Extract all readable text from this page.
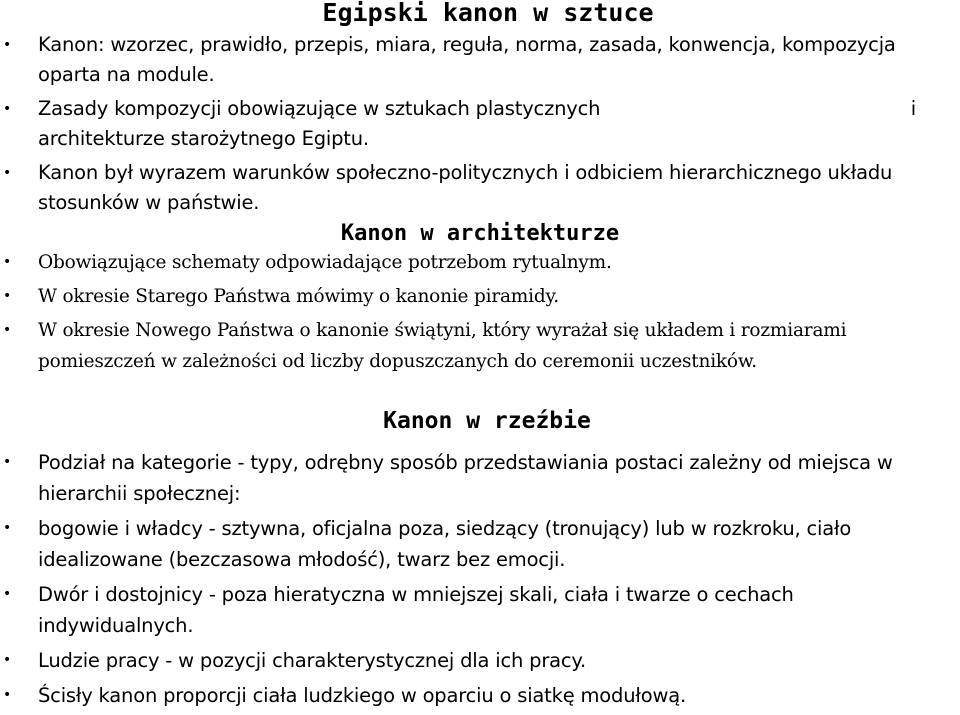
Egipski kanon w sztuce
• Kanon: wzorzec, prawidło, przepis, miara, reguła, norma, zasada, konwencja, kompozycja oparta na module.
• Zasady kompozycji obowiązujące w sztukach plastycznych	i
architekturze starożytnego Egiptu.
• Kanon był wyrazem warunków społeczno-politycznych i odbiciem hierarchicznego układu stosunków w państwie.
Kanon w architekturze
• Obowiązujące schematy odpowiadające potrzebom rytualnym.
• W okresie Starego Państwa mówimy o kanonie piramidy.
• W okresie Nowego Państwa o kanonie świątyni, który wyrażał się układem i rozmiarami pomieszczeń w zależności od liczby dopuszczanych do ceremonii uczestników.
Kanon w rzeźbie
• Podział na kategorie - typy, odrębny sposób przedstawiania postaci zależny od miejsca w hierarchii społecznej:
• bogowie i władcy - sztywna, oficjalna poza, siedzący (tronujący) lub w rozkroku, ciało idealizowane (bezczasowa młodość), twarz bez emocji.
• Dwór i dostojnicy - poza hieratyczna w mniejszej skali, ciała i twarze o cechach indywidualnych.
• Ludzie pracy - w pozycji charakterystycznej dla ich pracy.
• Ścisły kanon proporcji ciała ludzkiego w oparciu o siatkę modułową.
